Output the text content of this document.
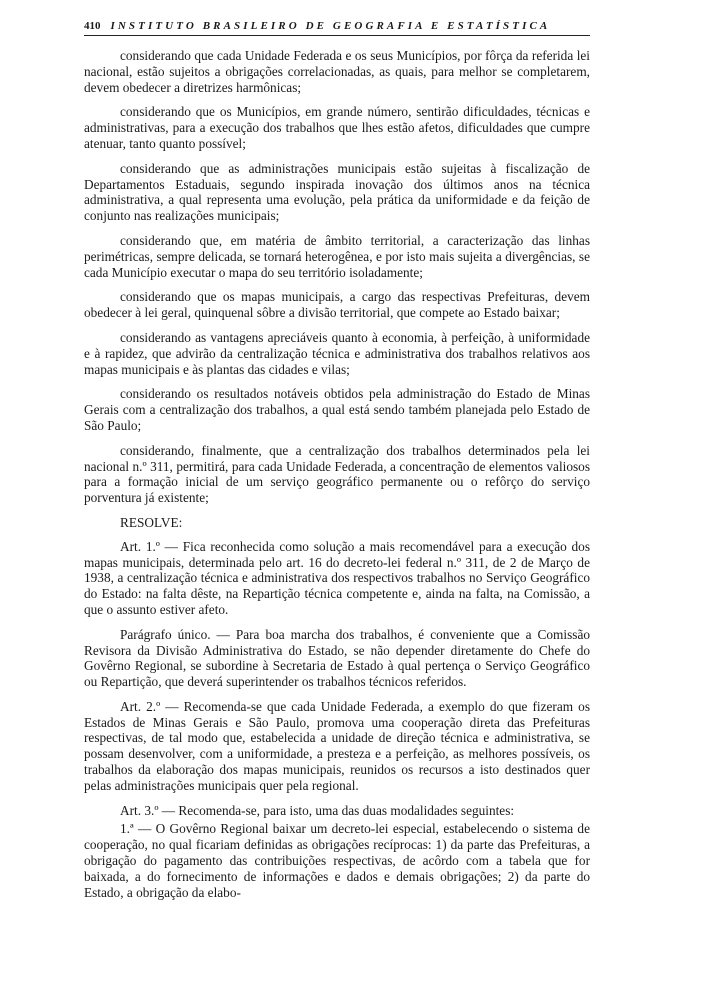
410 INSTITUTO BRASILEIRO DE GEOGRAFIA E ESTATÍSTICA

considerando que cada Unidade Federada e os seus Municípios, por fôrça da referida lei nacional, estão sujeitos a obrigações correlacionadas, as quais, para melhor se completarem, devem obedecer a diretrizes harmônicas;

considerando que os Municípios, em grande número, sentirão dificuldades, técnicas e administrativas, para a execução dos trabalhos que lhes estão afetos, dificuldades que cumpre atenuar, tanto quanto possível;

considerando que as administrações municipais estão sujeitas à fiscalização de Departamentos Estaduais, segundo inspirada inovação dos últimos anos na técnica administrativa, a qual representa uma evolução, pela prática da uniformidade e da feição de conjunto nas realizações municipais;

considerando que, em matéria de âmbito territorial, a caracterização das linhas perimétricas, sempre delicada, se tornará heterogênea, e por isto mais sujeita a divergências, se cada Município executar o mapa do seu território isoladamente;

considerando que os mapas municipais, a cargo das respectivas Prefeituras, devem obedecer à lei geral, quinquenal sôbre a divisão territorial, que compete ao Estado baixar;

considerando as vantagens apreciáveis quanto à economia, à perfeição, à uniformidade e à rapidez, que advirão da centralização técnica e administrativa dos trabalhos relativos aos mapas municipais e às plantas das cidades e vilas;

considerando os resultados notáveis obtidos pela administração do Estado de Minas Gerais com a centralização dos trabalhos, a qual está sendo também planejada pelo Estado de São Paulo;

considerando, finalmente, que a centralização dos trabalhos determinados pela lei nacional n.º 311, permitirá, para cada Unidade Federada, a concentração de elementos valiosos para a formação inicial de um serviço geográfico permanente ou o refôrço do serviço porventura já existente;

RESOLVE:

Art. 1.º — Fica reconhecida como solução a mais recomendável para a execução dos mapas municipais, determinada pelo art. 16 do decreto-lei federal n.º 311, de 2 de Março de 1938, a centralização técnica e administrativa dos respectivos trabalhos no Serviço Geográfico do Estado: na falta dêste, na Repartição técnica competente e, ainda na falta, na Comissão, a que o assunto estiver afeto.

Parágrafo único. — Para boa marcha dos trabalhos, é conveniente que a Comissão Revisora da Divisão Administrativa do Estado, se não depender diretamente do Chefe do Govêrno Regional, se subordine à Secretaria de Estado à qual pertença o Serviço Geográfico ou Repartição, que deverá superintender os trabalhos técnicos referidos.

Art. 2.º — Recomenda-se que cada Unidade Federada, a exemplo do que fizeram os Estados de Minas Gerais e São Paulo, promova uma cooperação direta das Prefeituras respectivas, de tal modo que, estabelecida a unidade de direção técnica e administrativa, se possam desenvolver, com a uniformidade, a presteza e a perfeição, as melhores possíveis, os trabalhos da elaboração dos mapas municipais, reunidos os recursos a isto destinados quer pelas administrações municipais quer pela regional.

Art. 3.º — Recomenda-se, para isto, uma das duas modalidades seguintes:

1.ª — O Govêrno Regional baixar um decreto-lei especial, estabelecendo o sistema de cooperação, no qual ficariam definidas as obrigações recíprocas: 1) da parte das Prefeituras, a obrigação do pagamento das contribuições respectivas, de acôrdo com a tabela que for baixada, a do fornecimento de informações e dados e demais obrigações; 2) da parte do Estado, a obrigação da elabo-
